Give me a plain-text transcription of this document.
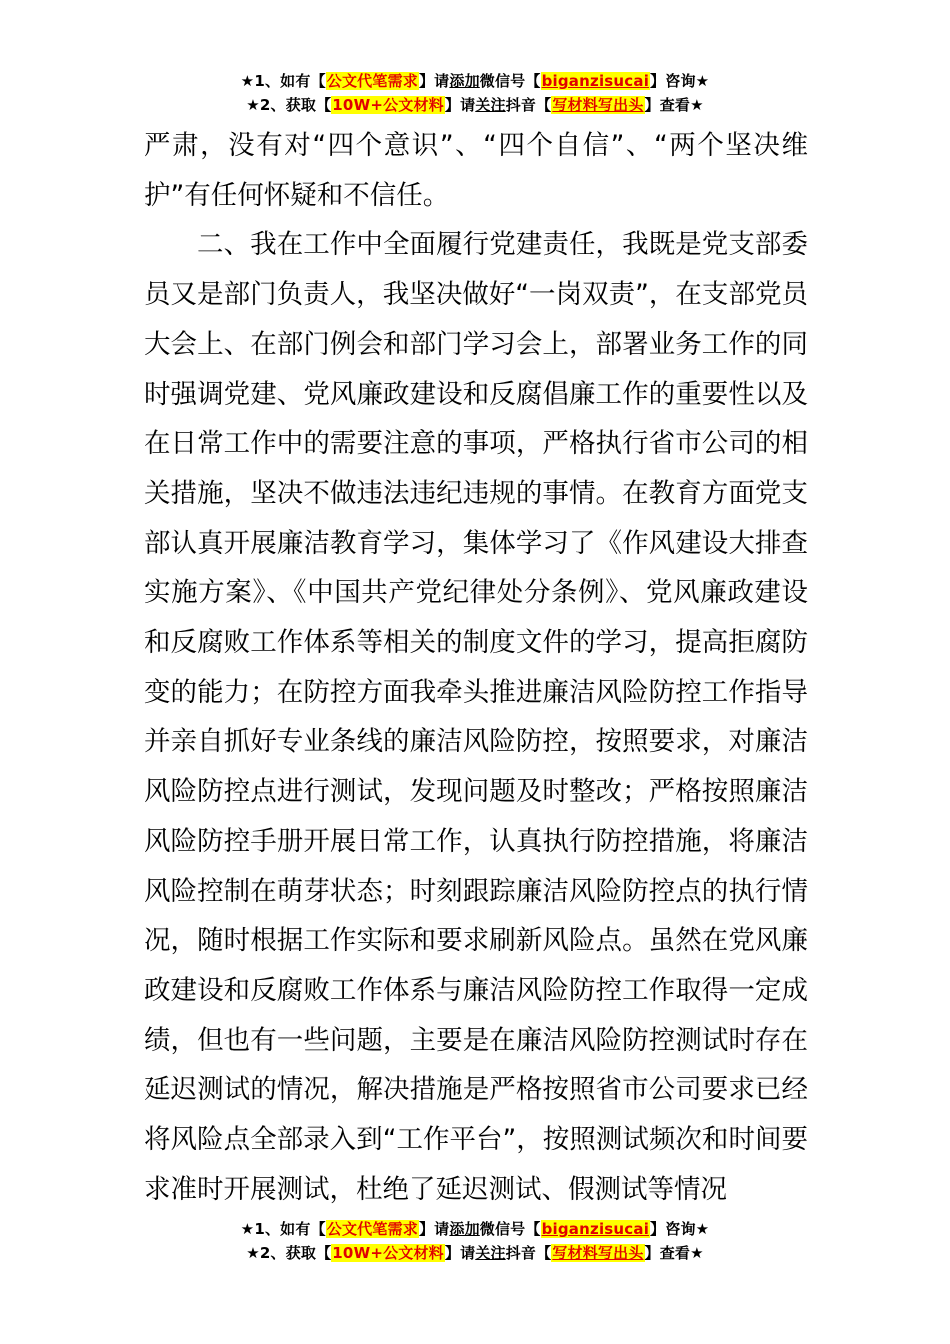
★1、如有【公文代笔需求】请添加微信号【biganzisucai】咨询★
★2、获取【10W+公文材料】请关注抖音【写材料写出头】查看★

严肃，没有对“四个意识”、“四个自信”、“两个坚决维护”有任何怀疑和不信任。

二、我在工作中全面履行党建责任，我既是党支部委员又是部门负责人，我坚决做好“一岗双责”，在支部党员大会上、在部门例会和部门学习会上，部署业务工作的同时强调党建、党风廉政建设和反腐倡廉工作的重要性以及在日常工作中的需要注意的事项，严格执行省市公司的相关措施，坚决不做违法违纪违规的事情。在教育方面党支部认真开展廉洁教育学习，集体学习了《作风建设大排查实施方案》、《中国共产党纪律处分条例》、党风廉政建设和反腐败工作体系等相关的制度文件的学习，提高拒腐防变的能力；在防控方面我牵头推进廉洁风险防控工作指导并亲自抓好专业条线的廉洁风险防控，按照要求，对廉洁风险防控点进行测试，发现问题及时整改；严格按照廉洁风险防控手册开展日常工作，认真执行防控措施，将廉洁风险控制在萌芽状态；时刻跟踪廉洁风险防控点的执行情况，随时根据工作实际和要求刷新风险点。虽然在党风廉政建设和反腐败工作体系与廉洁风险防控工作取得一定成绩，但也有一些问题，主要是在廉洁风险防控测试时存在延迟测试的情况，解决措施是严格按照省市公司要求已经将风险点全部录入到“工作平台”，按照测试频次和时间要求准时开展测试，杜绝了延迟测试、假测试等情况

★1、如有【公文代笔需求】请添加微信号【biganzisucai】咨询★
★2、获取【10W+公文材料】请关注抖音【写材料写出头】查看★
